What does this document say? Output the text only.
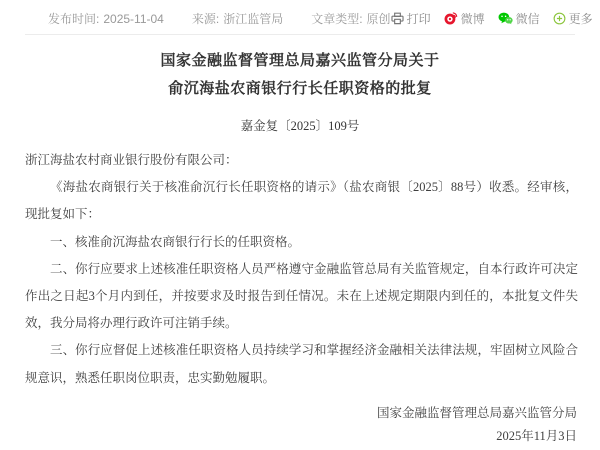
发布时间: 2025-11-04 来源: 浙江监管局 文章类型: 原创 打印	微博	微信 更多
国家金融监督管理总局嘉兴监管分局关于
俞沉海盐农商银行行长任职资格的批复
嘉金复〔2025〕109号

浙江海盐农村商业银行股份有限公司：

《海盐农商银行关于核准俞沉行长任职资格的请示》（盐农商银〔2025〕88号）收悉。经审核，现批复如下：

一、核准俞沉海盐农商银行行长的任职资格。

二、你行应要求上述核准任职资格人员严格遵守金融监管总局有关监管规定，自本行政许可决定作出之日起3个月内到任，并按要求及时报告到任情况。未在上述规定期限内到任的，本批复文件失效，我分局将办理行政许可注销手续。

三、你行应督促上述核准任职资格人员持续学习和掌握经济金融相关法律法规，牢固树立风险合规意识，熟悉任职岗位职责，忠实勤勉履职。

国家金融监督管理总局嘉兴监管分局
2025年11月3日
